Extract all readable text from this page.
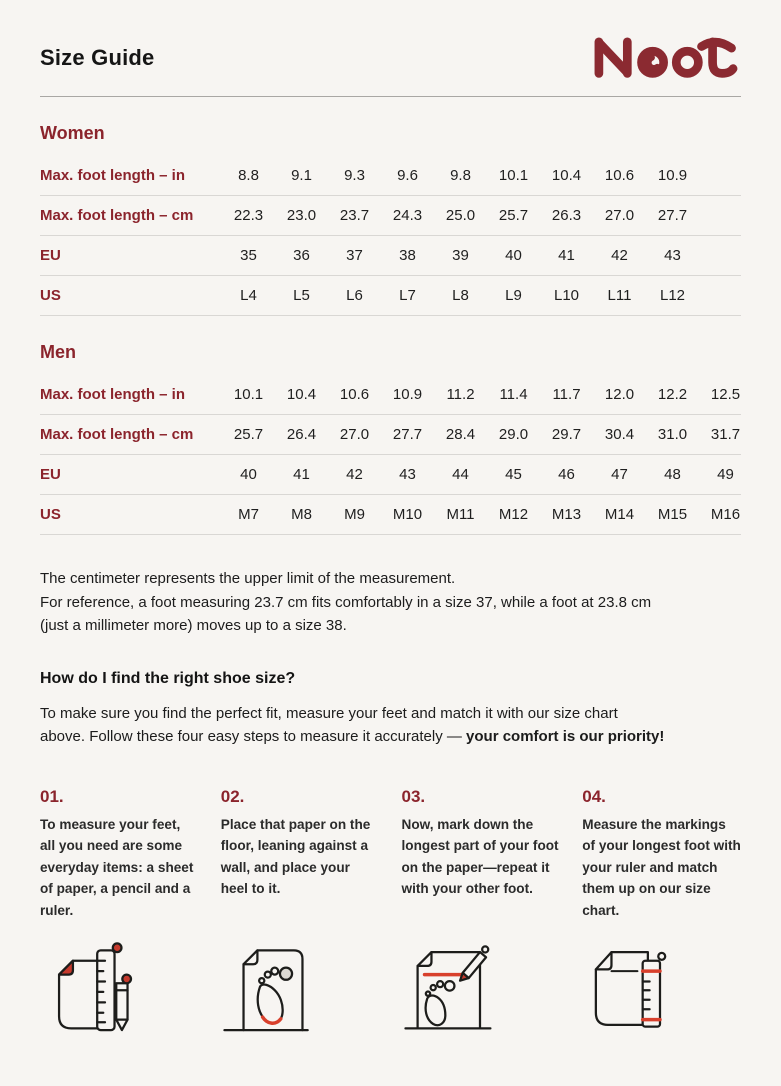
Size Guide
Women
Max. foot length – in	8.8	9.1	9.3	9.6	9.8	10.1	10.4	10.6	10.9
Max. foot length – cm	22.3	23.0	23.7	24.3	25.0	25.7	26.3	27.0	27.7
EU	35	36	37	38	39	40	41	42	43
US	L4	L5	L6	L7	L8	L9	L10	L11	L12
Men
Max. foot length – in	10.1	10.4	10.6	10.9	11.2	11.4	11.7	12.0	12.2	12.5
Max. foot length – cm	25.7	26.4	27.0	27.7	28.4	29.0	29.7	30.4	31.0	31.7
EU	40	41	42	43	44	45	46	47	48	49
US	M7	M8	M9	M10	M11	M12	M13	M14	M15	M16

The centimeter represents the upper limit of the measurement.
For reference, a foot measuring 23.7 cm fits comfortably in a size 37, while a foot at 23.8 cm
(just a millimeter more) moves up to a size 38.

How do I find the right shoe size?

To make sure you find the perfect fit, measure your feet and match it with our size chart
above. Follow these four easy steps to measure it accurately — your comfort is our priority!

01.
To measure your feet, all you need are some everyday items: a sheet of paper, a pencil and a ruler.
02.
Place that paper on the floor, leaning against a wall, and place your heel to it.
03.
Now, mark down the longest part of your foot on the paper—repeat it with your other foot.
04.
Measure the markings of your longest foot with your ruler and match them up on our size chart.
